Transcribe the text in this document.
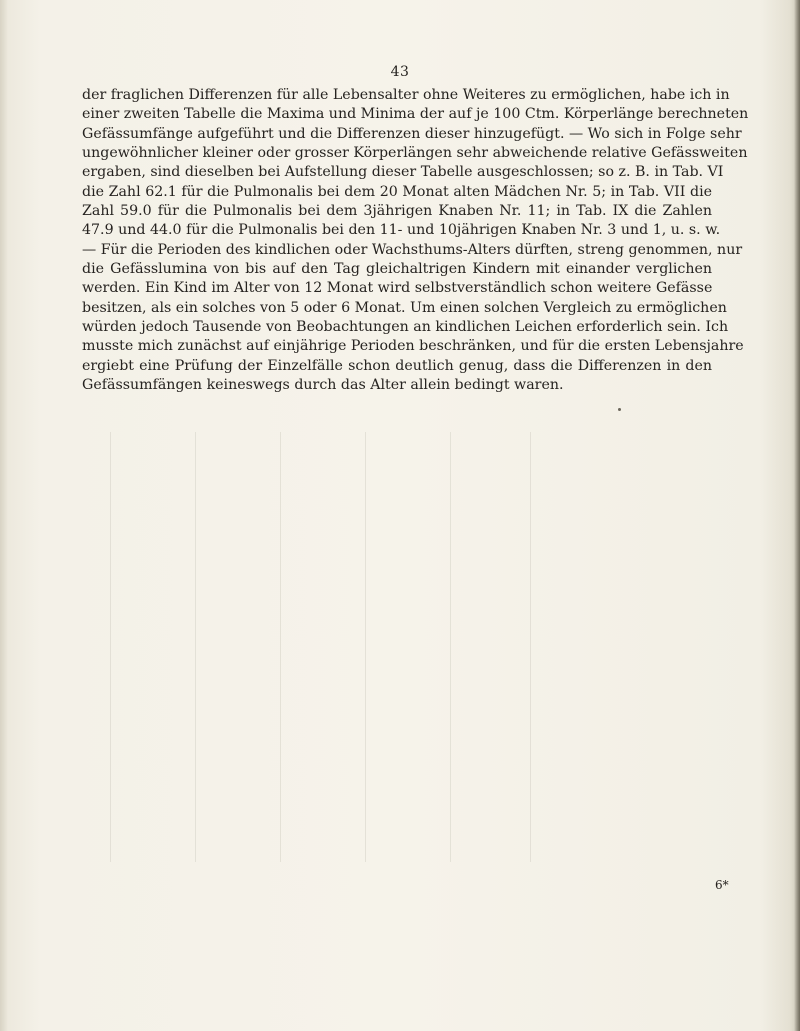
43
der fraglichen Differenzen für alle Lebensalter ohne Weiteres zu ermöglichen, habe ich in
einer zweiten Tabelle die Maxima und Minima der auf je 100 Ctm. Körperlänge berechneten
Gefässumfänge aufgeführt und die Differenzen dieser hinzugefügt. — Wo sich in Folge sehr
ungewöhnlicher kleiner oder grosser Körperlängen sehr abweichende relative Gefässweiten
ergaben, sind dieselben bei Aufstellung dieser Tabelle ausgeschlossen; so z. B. in Tab. VI
die Zahl 62.1 für die Pulmonalis bei dem 20 Monat alten Mädchen Nr. 5; in Tab. VII die
Zahl 59.0 für die Pulmonalis bei dem 3jährigen Knaben Nr. 11; in Tab. IX die Zahlen
47.9 und 44.0 für die Pulmonalis bei den 11- und 10jährigen Knaben Nr. 3 und 1, u. s. w.
— Für die Perioden des kindlichen oder Wachsthums-Alters dürften, streng genommen, nur
die Gefässlumina von bis auf den Tag gleichaltrigen Kindern mit einander verglichen
werden. Ein Kind im Alter von 12 Monat wird selbstverständlich schon weitere Gefässe
besitzen, als ein solches von 5 oder 6 Monat. Um einen solchen Vergleich zu ermöglichen
würden jedoch Tausende von Beobachtungen an kindlichen Leichen erforderlich sein. Ich
musste mich zunächst auf einjährige Perioden beschränken, und für die ersten Lebensjahre
ergiebt eine Prüfung der Einzelfälle schon deutlich genug, dass die Differenzen in den
Gefässumfängen keineswegs durch das Alter allein bedingt waren.
6*
